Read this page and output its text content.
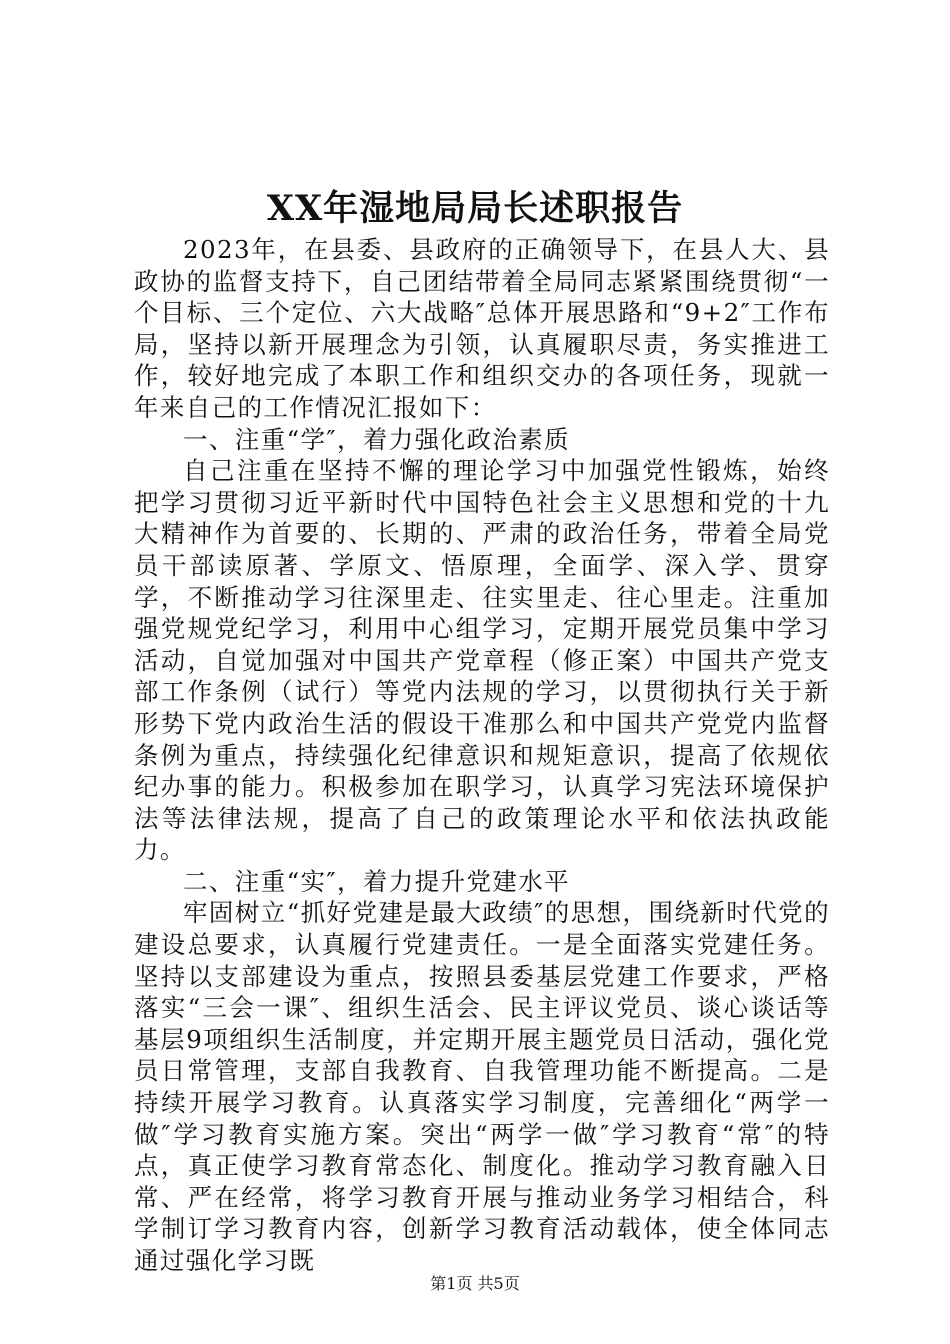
XX年湿地局局长述职报告

2023年，在县委、县政府的正确领导下，在县人大、县政协的监督支持下，自己团结带着全局同志紧紧围绕贯彻“一个目标、三个定位、六大战略″总体开展思路和“9+2″工作布局，坚持以新开展理念为引领，认真履职尽责，务实推进工作，较好地完成了本职工作和组织交办的各项任务，现就一年来自己的工作情况汇报如下：

一、注重“学″，着力强化政治素质

自己注重在坚持不懈的理论学习中加强党性锻炼，始终把学习贯彻习近平新时代中国特色社会主义思想和党的十九大精神作为首要的、长期的、严肃的政治任务，带着全局党员干部读原著、学原文、悟原理，全面学、深入学、贯穿学，不断推动学习往深里走、往实里走、往心里走。注重加强党规党纪学习，利用中心组学习，定期开展党员集中学习活动，自觉加强对中国共产党章程（修正案）中国共产党支部工作条例（试行）等党内法规的学习，以贯彻执行关于新形势下党内政治生活的假设干准那么和中国共产党党内监督条例为重点，持续强化纪律意识和规矩意识，提高了依规依纪办事的能力。积极参加在职学习，认真学习宪法环境保护法等法律法规，提高了自己的政策理论水平和依法执政能力。

二、注重“实″，着力提升党建水平

牢固树立“抓好党建是最大政绩″的思想，围绕新时代党的建设总要求，认真履行党建责任。一是全面落实党建任务。坚持以支部建设为重点，按照县委基层党建工作要求，严格落实“三会一课″、组织生活会、民主评议党员、谈心谈话等基层9项组织生活制度，并定期开展主题党员日活动，强化党员日常管理，支部自我教育、自我管理功能不断提高。二是持续开展学习教育。认真落实学习制度，完善细化“两学一做″学习教育实施方案。突出“两学一做″学习教育“常″的特点，真正使学习教育常态化、制度化。推动学习教育融入日常、严在经常，将学习教育开展与推动业务学习相结合，科学制订学习教育内容，创新学习教育活动载体，使全体同志通过强化学习既

第1页 共5页
